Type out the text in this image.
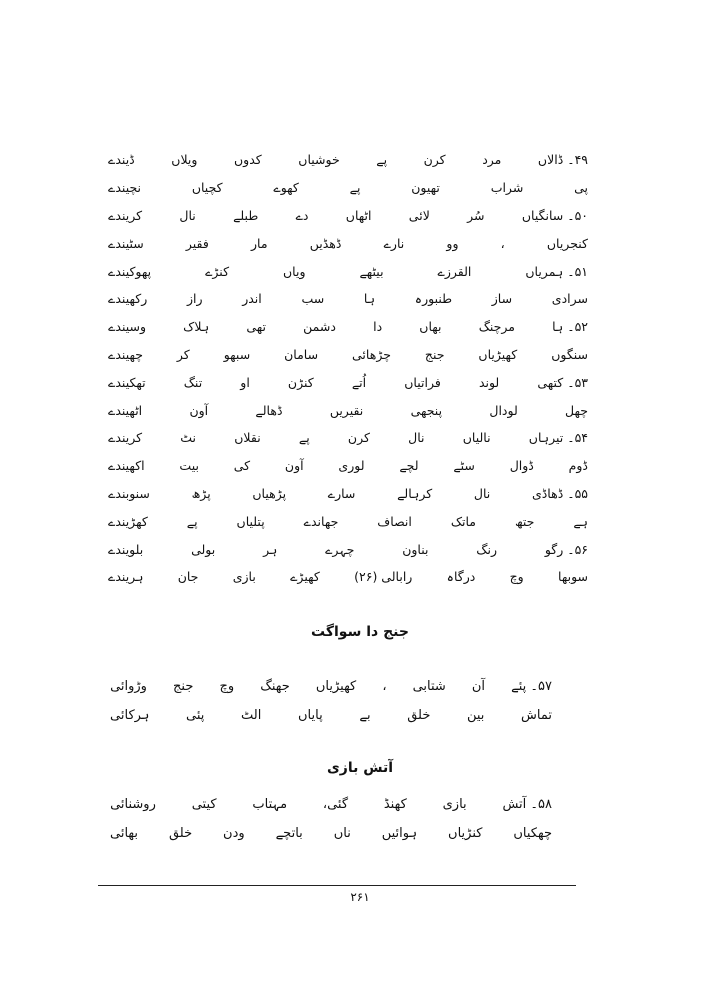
۴۹۔ ڈالاں
مرد
کرن
پے
خوشیاں
کدوں
ویلاں
ڈیندے
پی
شراب
تھیون
پے
کھوے
کچیاں
نچیندے
۵۰۔ سانگیاں
سُر
لائی
اٹھاں
دے
طبلے
نال
کریندے
کنجریاں
،
وو
نارے
ڈھڈیں
مار
فقیر
سٹیندے
۵۱۔ ہمریاں
القرزے
بیٹھے
ویاں
کنڑے
پھوکیندے
سرادی
ساز
طنبورہ
ہا
سب
اندر
راز
رکھیندے
۵۲۔ ہا
مرچنگ
بھاں
دا
دشمن
تھی
ہلاک
وسیندے
سنگوں
کھیڑیاں
جنج
چڑھائی
سامان
سبھو
کر
چھیندے
۵۳۔ کتھی
لوند
فراتیاں
اُتے
کنڑن
او
تنگ
تھکیندے
چھل
لودال
پنجھی
نقیریں
ڈھالے
آون
اٹھیندے
۵۴۔ تیرہاں
نالیاں
نال
کرن
پے
نقلاں
نٹ
کریندے
ڈوم
ڈوال
سٹے
لچے
لوری
آون
کی
بیت
اکھیندے
۵۵۔ ڈھاڈی
نال
کرہالے
سارے
پڑھیاں
پڑھ
سنوبندے
ہے
جتھ
ماتک
انصاف
جھاندے
پتلیاں
پے
کھڑیندے
۵۶۔ رگو
رنگ
بناون
چہرے
ہر
بولی
بلویندے
سوبھا
وچ
درگاہ
رابالی (۲۶)
کھیڑے
بازی
جان
ہریندے
جنج دا سواگت
۵۷۔ پئے
آن
شتابی
،
کھیڑیاں
جھنگ
وچ
جنج
وڑوائی
تماش
بین
خلق
بے
پایاں
الٹ
پئی
ہرکائی
آتش بازی
۵۸۔ آتش
بازی
کھنڈ
گئی،
مہتاب
کیتی
روشنائی
چھکیاں
کنڑیاں
ہوائیں
ناں
باتچے
ودن
خلق
بھائی
۲۶۱
